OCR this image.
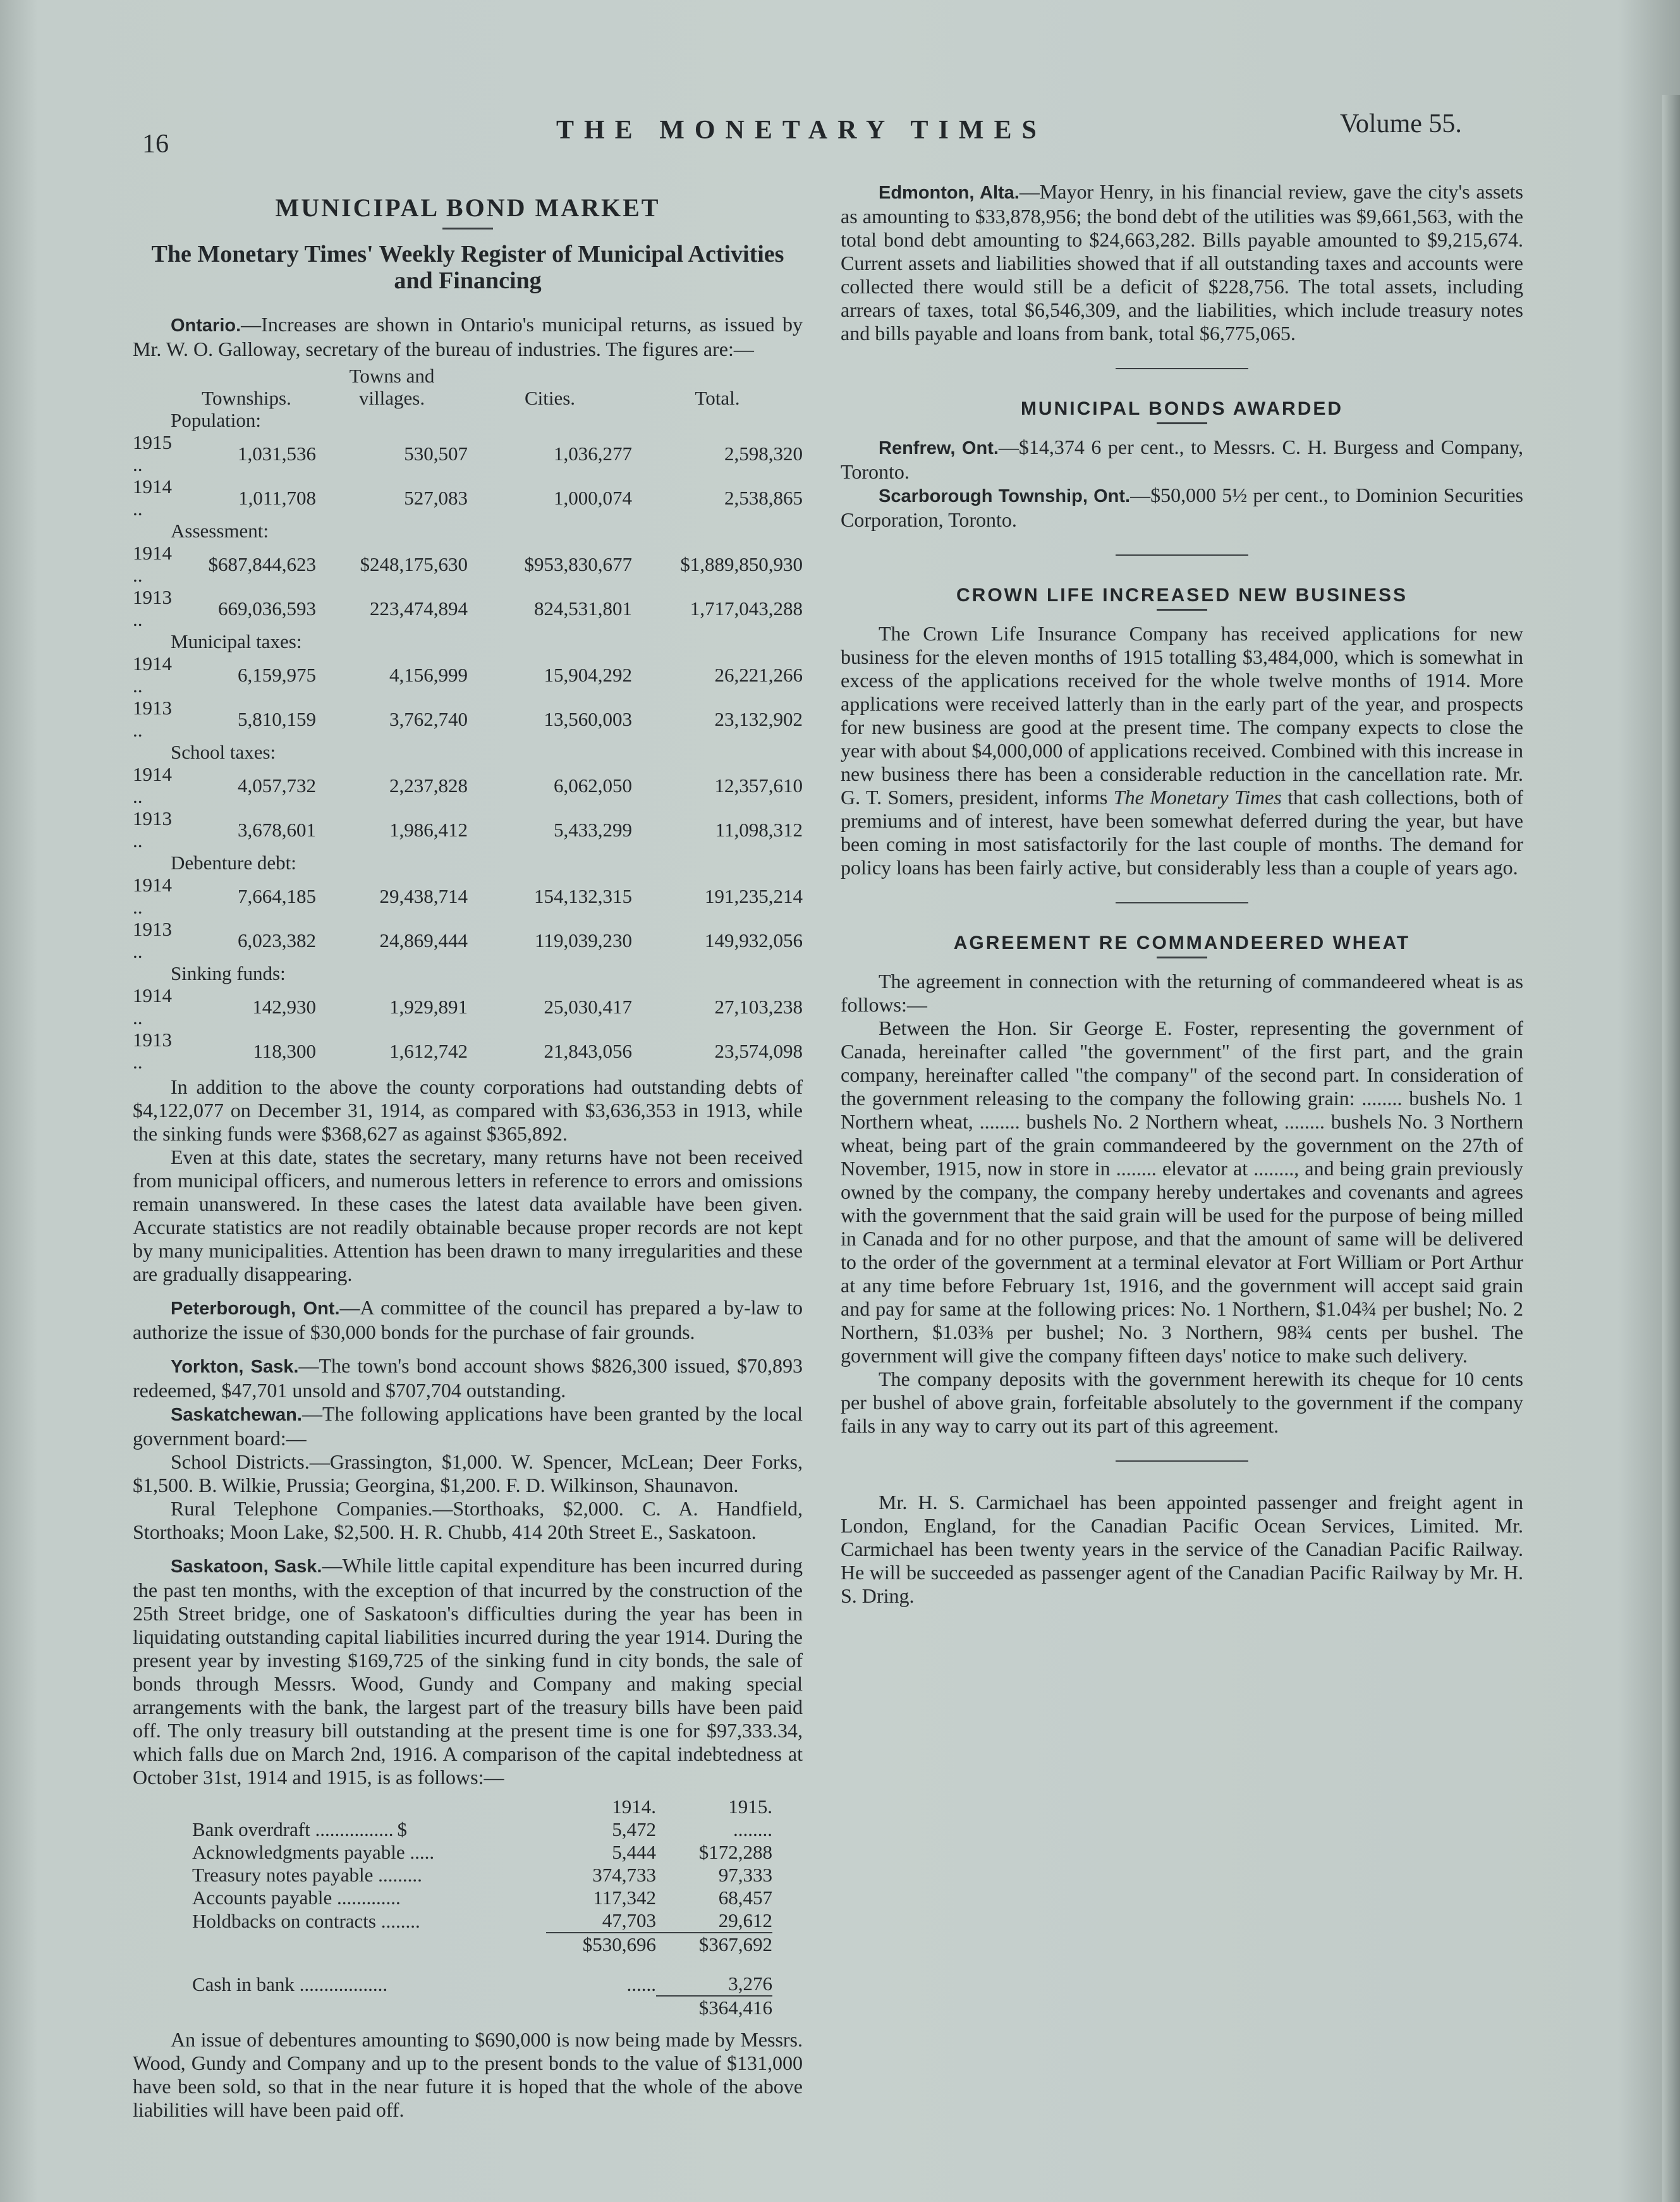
16	THE MONETARY TIMES	Volume 55.
MUNICIPAL BOND MARKET
The Monetary Times' Weekly Register of Municipal Activities and Financing

Ontario.—Increases are shown in Ontario's municipal returns, as issued by Mr. W. O. Galloway, secretary of the bureau of industries. The figures are:—

	Townships.	Towns and villages.	Cities.	Total.
Population:				
1915 ..	1,031,536	530,507	1,036,277	2,598,320
1914 ..	1,011,708	527,083	1,000,074	2,538,865
Assessment:				
1914 ..	$687,844,623	$248,175,630	$953,830,677	$1,889,850,930
1913 ..	669,036,593	223,474,894	824,531,801	1,717,043,288
Municipal taxes:				
1914 ..	6,159,975	4,156,999	15,904,292	26,221,266
1913 ..	5,810,159	3,762,740	13,560,003	23,132,902
School taxes:				
1914 ..	4,057,732	2,237,828	6,062,050	12,357,610
1913 ..	3,678,601	1,986,412	5,433,299	11,098,312
Debenture debt:				
1914 ..	7,664,185	29,438,714	154,132,315	191,235,214
1913 ..	6,023,382	24,869,444	119,039,230	149,932,056
Sinking funds:				
1914 ..	142,930	1,929,891	25,030,417	27,103,238
1913 ..	118,300	1,612,742	21,843,056	23,574,098

In addition to the above the county corporations had outstanding debts of $4,122,077 on December 31, 1914, as compared with $3,636,353 in 1913, while the sinking funds were $368,627 as against $365,892.

Even at this date, states the secretary, many returns have not been received from municipal officers, and numerous letters in reference to errors and omissions remain unanswered. In these cases the latest data available have been given. Accurate statistics are not readily obtainable because proper records are not kept by many municipalities. Attention has been drawn to many irregularities and these are gradually disappearing.

Peterborough, Ont.—A committee of the council has prepared a by-law to authorize the issue of $30,000 bonds for the purchase of fair grounds.

Yorkton, Sask.—The town's bond account shows $826,300 issued, $70,893 redeemed, $47,701 unsold and $707,704 outstanding.

Saskatchewan.—The following applications have been granted by the local government board:—

School Districts.—Grassington, $1,000. W. Spencer, McLean; Deer Forks, $1,500. B. Wilkie, Prussia; Georgina, $1,200. F. D. Wilkinson, Shaunavon.

Rural Telephone Companies.—Storthoaks, $2,000. C. A. Handfield, Storthoaks; Moon Lake, $2,500. H. R. Chubb, 414 20th Street E., Saskatoon.

Saskatoon, Sask.—While little capital expenditure has been incurred during the past ten months, with the exception of that incurred by the construction of the 25th Street bridge, one of Saskatoon's difficulties during the year has been in liquidating outstanding capital liabilities incurred during the year 1914. During the present year by investing $169,725 of the sinking fund in city bonds, the sale of bonds through Messrs. Wood, Gundy and Company and making special arrangements with the bank, the largest part of the treasury bills have been paid off. The only treasury bill outstanding at the present time is one for $97,333.34, which falls due on March 2nd, 1916. A comparison of the capital indebtedness at October 31st, 1914 and 1915, is as follows:—

	1914.	1915.
Bank overdraft ................ $	5,472	........
Acknowledgments payable .....	5,444	$172,288
Treasury notes payable .........	374,733	97,333
Accounts payable .............	117,342	68,457
Holdbacks on contracts ........	47,703	29,612
	$530,696	$367,692

Cash in bank ..................	......	3,276
		$364,416

An issue of debentures amounting to $690,000 is now being made by Messrs. Wood, Gundy and Company and up to the present bonds to the value of $131,000 have been sold, so that in the near future it is hoped that the whole of the above liabilities will have been paid off.

Edmonton, Alta.—Mayor Henry, in his financial review, gave the city's assets as amounting to $33,878,956; the bond debt of the utilities was $9,661,563, with the total bond debt amounting to $24,663,282. Bills payable amounted to $9,215,674. Current assets and liabilities showed that if all outstanding taxes and accounts were collected there would still be a deficit of $228,756. The total assets, including arrears of taxes, total $6,546,309, and the liabilities, which include treasury notes and bills payable and loans from bank, total $6,775,065.

MUNICIPAL BONDS AWARDED

Renfrew, Ont.—$14,374 6 per cent., to Messrs. C. H. Burgess and Company, Toronto.

Scarborough Township, Ont.—$50,000 5½ per cent., to Dominion Securities Corporation, Toronto.

CROWN LIFE INCREASED NEW BUSINESS

The Crown Life Insurance Company has received applications for new business for the eleven months of 1915 totalling $3,484,000, which is somewhat in excess of the applications received for the whole twelve months of 1914. More applications were received latterly than in the early part of the year, and prospects for new business are good at the present time. The company expects to close the year with about $4,000,000 of applications received. Combined with this increase in new business there has been a considerable reduction in the cancellation rate. Mr. G. T. Somers, president, informs The Monetary Times that cash collections, both of premiums and of interest, have been somewhat deferred during the year, but have been coming in most satisfactorily for the last couple of months. The demand for policy loans has been fairly active, but considerably less than a couple of years ago.

AGREEMENT RE COMMANDEERED WHEAT

The agreement in connection with the returning of commandeered wheat is as follows:—

Between the Hon. Sir George E. Foster, representing the government of Canada, hereinafter called "the government" of the first part, and the grain company, hereinafter called "the company" of the second part. In consideration of the government releasing to the company the following grain: ........ bushels No. 1 Northern wheat, ........ bushels No. 2 Northern wheat, ........ bushels No. 3 Northern wheat, being part of the grain commandeered by the government on the 27th of November, 1915, now in store in ........ elevator at ........, and being grain previously owned by the company, the company hereby undertakes and covenants and agrees with the government that the said grain will be used for the purpose of being milled in Canada and for no other purpose, and that the amount of same will be delivered to the order of the government at a terminal elevator at Fort William or Port Arthur at any time before February 1st, 1916, and the government will accept said grain and pay for same at the following prices: No. 1 Northern, $1.04¾ per bushel; No. 2 Northern, $1.03⅜ per bushel; No. 3 Northern, 98¾ cents per bushel. The government will give the company fifteen days' notice to make such delivery.

The company deposits with the government herewith its cheque for 10 cents per bushel of above grain, forfeitable absolutely to the government if the company fails in any way to carry out its part of this agreement.

Mr. H. S. Carmichael has been appointed passenger and freight agent in London, England, for the Canadian Pacific Ocean Services, Limited. Mr. Carmichael has been twenty years in the service of the Canadian Pacific Railway. He will be succeeded as passenger agent of the Canadian Pacific Railway by Mr. H. S. Dring.
